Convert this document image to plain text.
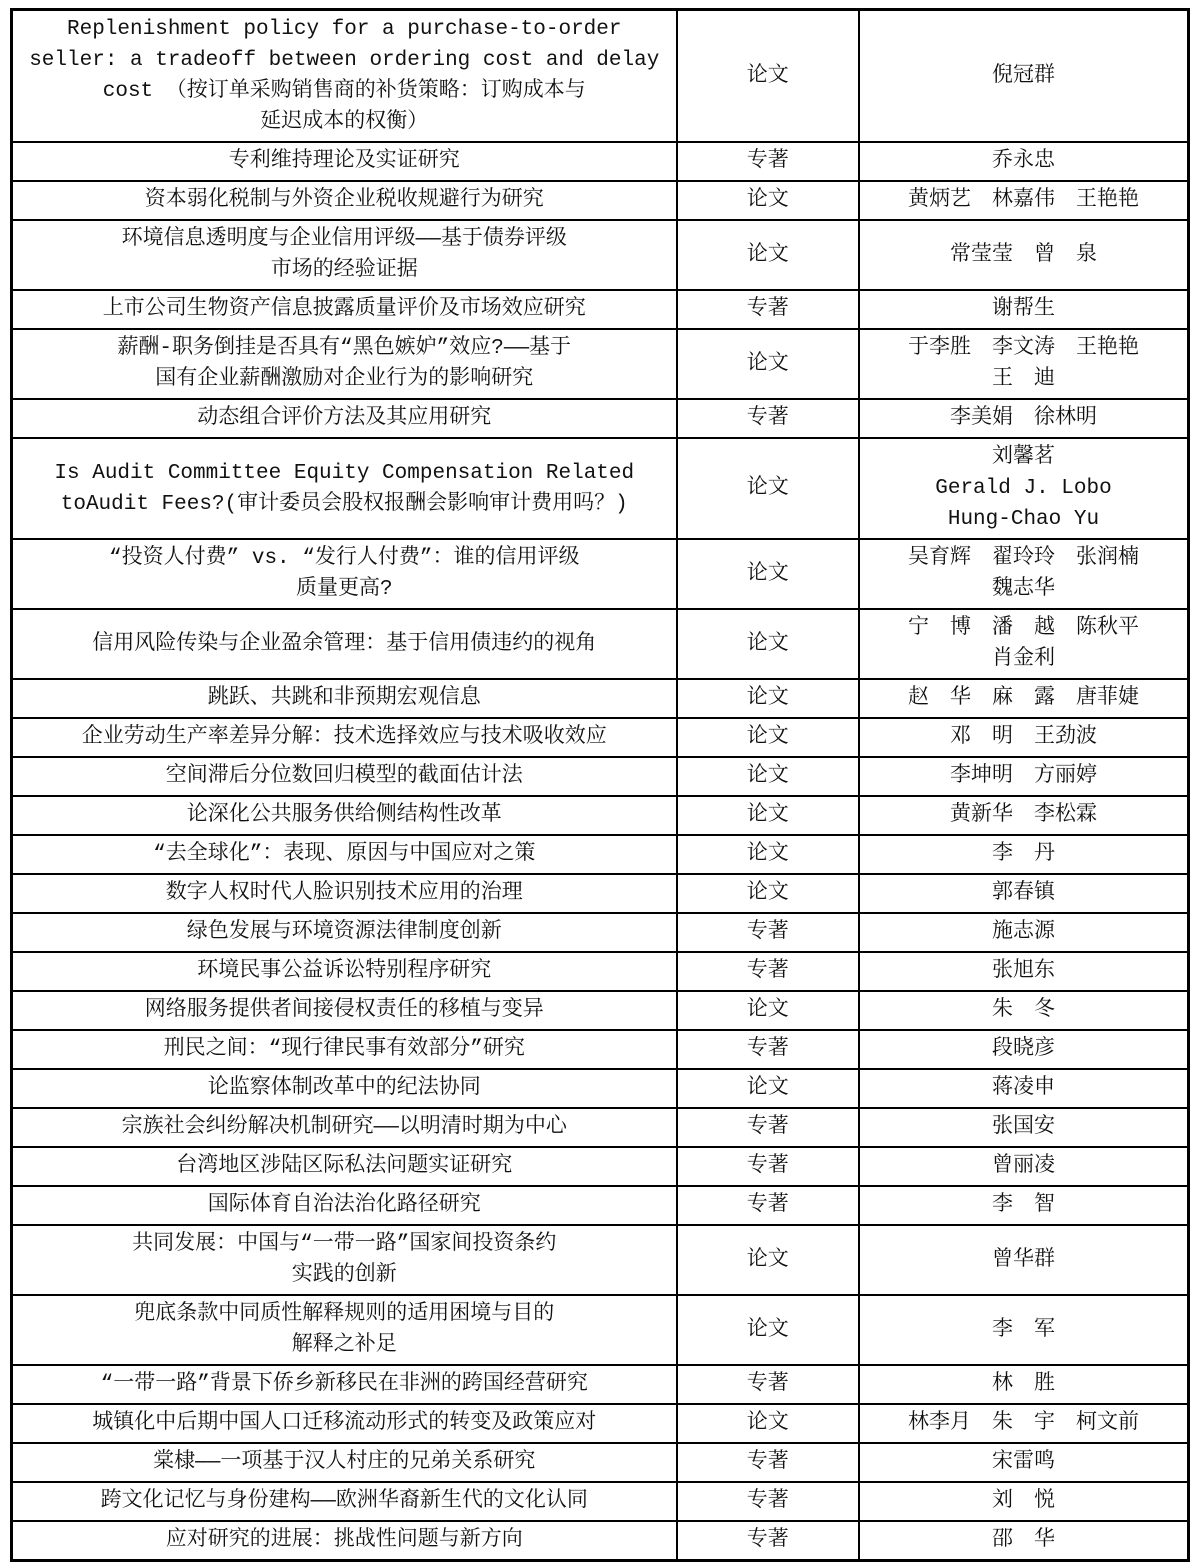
Replenishment policy for a purchase-to-order
seller: a tradeoff between ordering cost and delay
cost （按订单采购销售商的补货策略：订购成本与
延迟成本的权衡）	论文	倪冠群

专利维持理论及实证研究	专著	乔永忠

资本弱化税制与外资企业税收规避行为研究	论文	黄炳艺　林嘉伟　王艳艳

环境信息透明度与企业信用评级——基于债券评级
市场的经验证据	论文	常莹莹　曾　泉

上市公司生物资产信息披露质量评价及市场效应研究	专著	谢帮生

薪酬-职务倒挂是否具有“黑色嫉妒”效应?——基于
国有企业薪酬激励对企业行为的影响研究
	论文	
于李胜　李文涛　王艳艳
王　迪

动态组合评价方法及其应用研究	专著	李美娟　徐林明

Is Audit Committee Equity Compensation Related
toAudit Fees?(审计委员会股权报酬会影响审计费用吗？)
	论文	
刘馨茗
Gerald J. Lobo
Hung-Chao Yu

“投资人付费” vs. “发行人付费”：谁的信用评级
质量更高?
	论文	
吴育辉　翟玲玲　张润楠
魏志华

信用风险传染与企业盈余管理：基于信用债违约的视角	论文	宁　博　潘　越　陈秋平
肖金利

跳跃、共跳和非预期宏观信息	论文	赵　华　麻　露　唐菲婕

企业劳动生产率差异分解：技术选择效应与技术吸收效应	论文	邓　明　王劲波

空间滞后分位数回归模型的截面估计法	论文	李坤明　方丽婷

论深化公共服务供给侧结构性改革	论文	黄新华　李松霖

“去全球化”：表现、原因与中国应对之策	论文	李　丹

数字人权时代人脸识别技术应用的治理	论文	郭春镇

绿色发展与环境资源法律制度创新	专著	施志源

环境民事公益诉讼特别程序研究	专著	张旭东

网络服务提供者间接侵权责任的移植与变异	论文	朱　冬

刑民之间：“现行律民事有效部分”研究	专著	段晓彦

论监察体制改革中的纪法协同	论文	蒋凌申

宗族社会纠纷解决机制研究——以明清时期为中心	专著	张国安

台湾地区涉陆区际私法问题实证研究	专著	曾丽凌

国际体育自治法治化路径研究	专著	李　智

共同发展：中国与“一带一路”国家间投资条约
实践的创新	论文	曾华群

兜底条款中同质性解释规则的适用困境与目的
解释之补足	论文	李　军

“一带一路”背景下侨乡新移民在非洲的跨国经营研究	专著	林　胜

城镇化中后期中国人口迁移流动形式的转变及政策应对	论文	林李月　朱　宇　柯文前

棠棣——一项基于汉人村庄的兄弟关系研究	专著	宋雷鸣

跨文化记忆与身份建构——欧洲华裔新生代的文化认同	专著	刘　悦

应对研究的进展：挑战性问题与新方向	专著	邵　华
